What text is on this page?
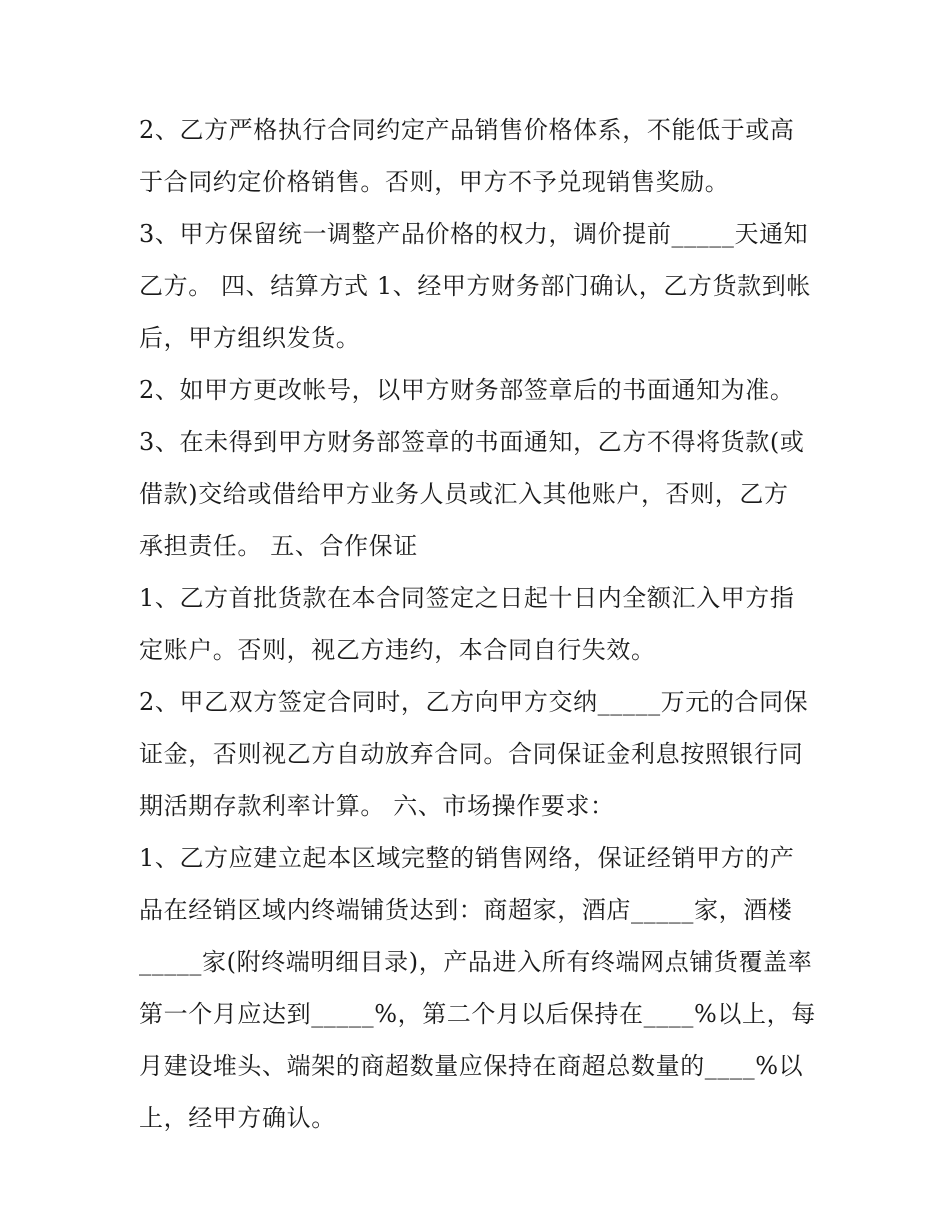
2、乙方严格执行合同约定产品销售价格体系，不能低于或高
于合同约定价格销售。否则，甲方不予兑现销售奖励。
3、甲方保留统一调整产品价格的权力，调价提前_____天通知
乙方。 四、结算方式 1、经甲方财务部门确认，乙方货款到帐
后，甲方组织发货。
2、如甲方更改帐号，以甲方财务部签章后的书面通知为准。
3、在未得到甲方财务部签章的书面通知，乙方不得将货款(或
借款)交给或借给甲方业务人员或汇入其他账户，否则，乙方
承担责任。 五、合作保证
1、乙方首批货款在本合同签定之日起十日内全额汇入甲方指
定账户。否则，视乙方违约，本合同自行失效。
2、甲乙双方签定合同时，乙方向甲方交纳_____万元的合同保
证金，否则视乙方自动放弃合同。合同保证金利息按照银行同
期活期存款利率计算。 六、市场操作要求：
1、乙方应建立起本区域完整的销售网络，保证经销甲方的产
品在经销区域内终端铺货达到：商超家，酒店_____家，酒楼
_____家(附终端明细目录)，产品进入所有终端网点铺货覆盖率
第一个月应达到_____%，第二个月以后保持在____%以上，每
月建设堆头、端架的商超数量应保持在商超总数量的____%以
上，经甲方确认。
